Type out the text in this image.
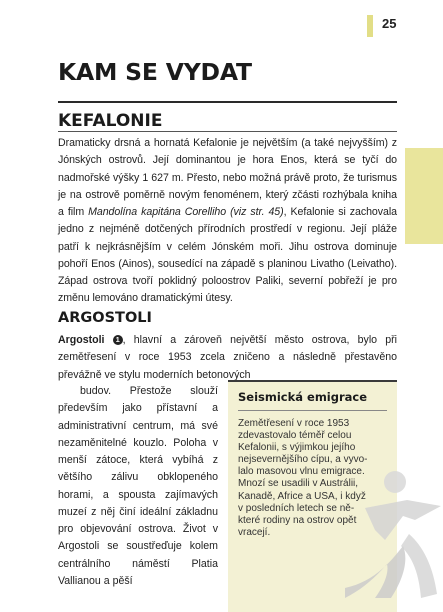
25
KAM SE VYDAT
KEFALONIE

Dramaticky drsná a hornatá Kefalonie je největším (a také nejvyšším) z Jónských ostrovů. Její dominantou je hora Enos, která se tyčí do nadmořské výšky 1 627 m. Přesto, nebo možná právě proto, že turismus je na ostrově poměrně novým fenoménem, který zčásti rozhýbala kniha a film Mandolína kapitána Corelliho (viz str. 45), Kefalonie si zachovala jedno z nejméně dotčených přírodních prostředí v regionu. Její pláže patří k nejkrásnějším v celém Jónském moři. Jihu ostrova dominuje pohoří Enos (Ainos), sousedící na západě s planinou Livatho (Leivatho). Západ ostrova tvoří poklidný poloostrov Paliki, severní pobřeží je pro změnu lemováno dramatickými útesy.

ARGOSTOLI

Argostoli 1 , hlavní a zároveň největší město ostrova, bylo při zemětřesení v roce 1953 zcela zničeno a následně přestavěno převážně ve stylu moderních betonových

budov. Přestože slouží především jako přístavní a administrativní centrum, má své nezaměnitelné kouzlo. Poloha v menší zátoce, která vybíhá z většího zálivu obklopeného horami, a spousta zajímavých muzeí z něj činí ideální základnu pro objevování ostrova. Život v Argostoli se soustřeďuje kolem centrálního náměstí Platia Vallianou a pěší

Seismická emigrace

Zemětřesení v roce 1953
zdevastovalo téměř celou
Kefalonii, s výjimkou jejího
nejsevernějšího cípu, a vyvo-
lalo masovou vlnu emigrace.
Mnozí se usadili v Austrálii,
Kanadě, Africe a USA, i když
v posledních letech se ně-
které rodiny na ostrov opět
vracejí.
